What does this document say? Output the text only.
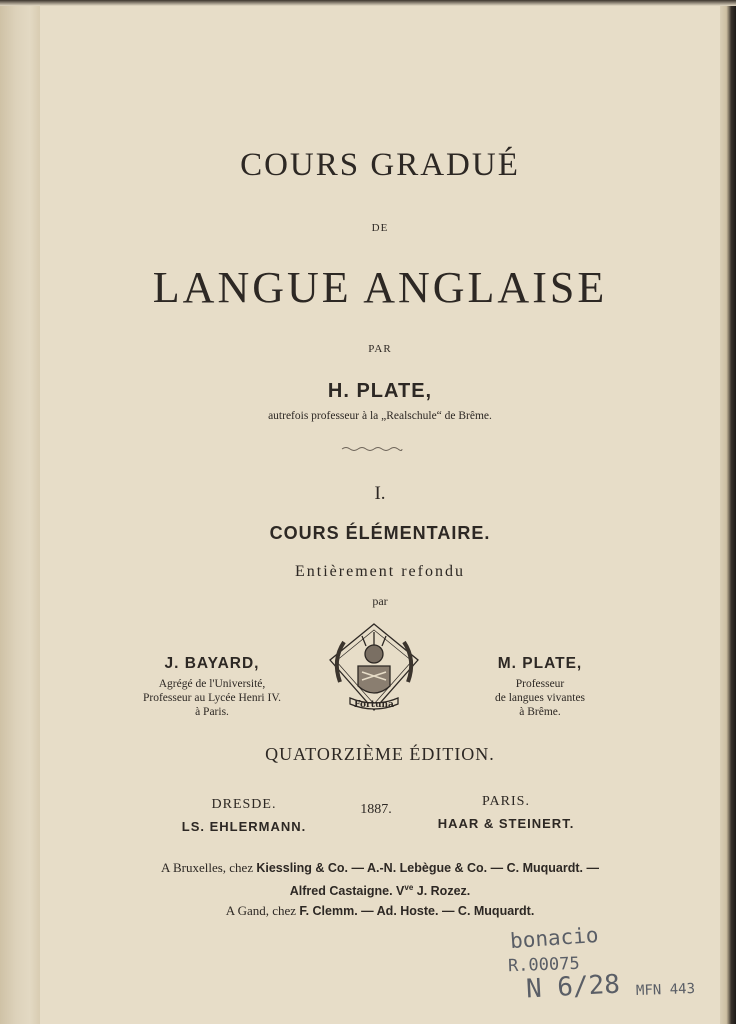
COURS GRADUÉ
DE
LANGUE ANGLAISE
PAR
H. PLATE,
autrefois professeur à la „Realschule“ de Brême.
I.
COURS ÉLÉMENTAIRE.
Entièrement refondu
par
J. BAYARD,
Agrégé de l'Université,
Professeur au Lycée Henri IV.
à Paris.
Fortuna
M. PLATE,
Professeur
de langues vivantes
à Brême.
QUATORZIÈME ÉDITION.
DRESDE.
LS. EHLERMANN.
1887.
PARIS.
HAAR & STEINERT.
A Bruxelles, chez Kiessling & Co. — A.-N. Lebègue & Co. — C. Muquardt. —
Alfred Castaigne. $V^{ve}$ J. Rozez.
A Gand, chez F. Clemm. — Ad. Hoste. — C. Muquardt.
bonacio
R.00075
N 6/28 MFN 443
